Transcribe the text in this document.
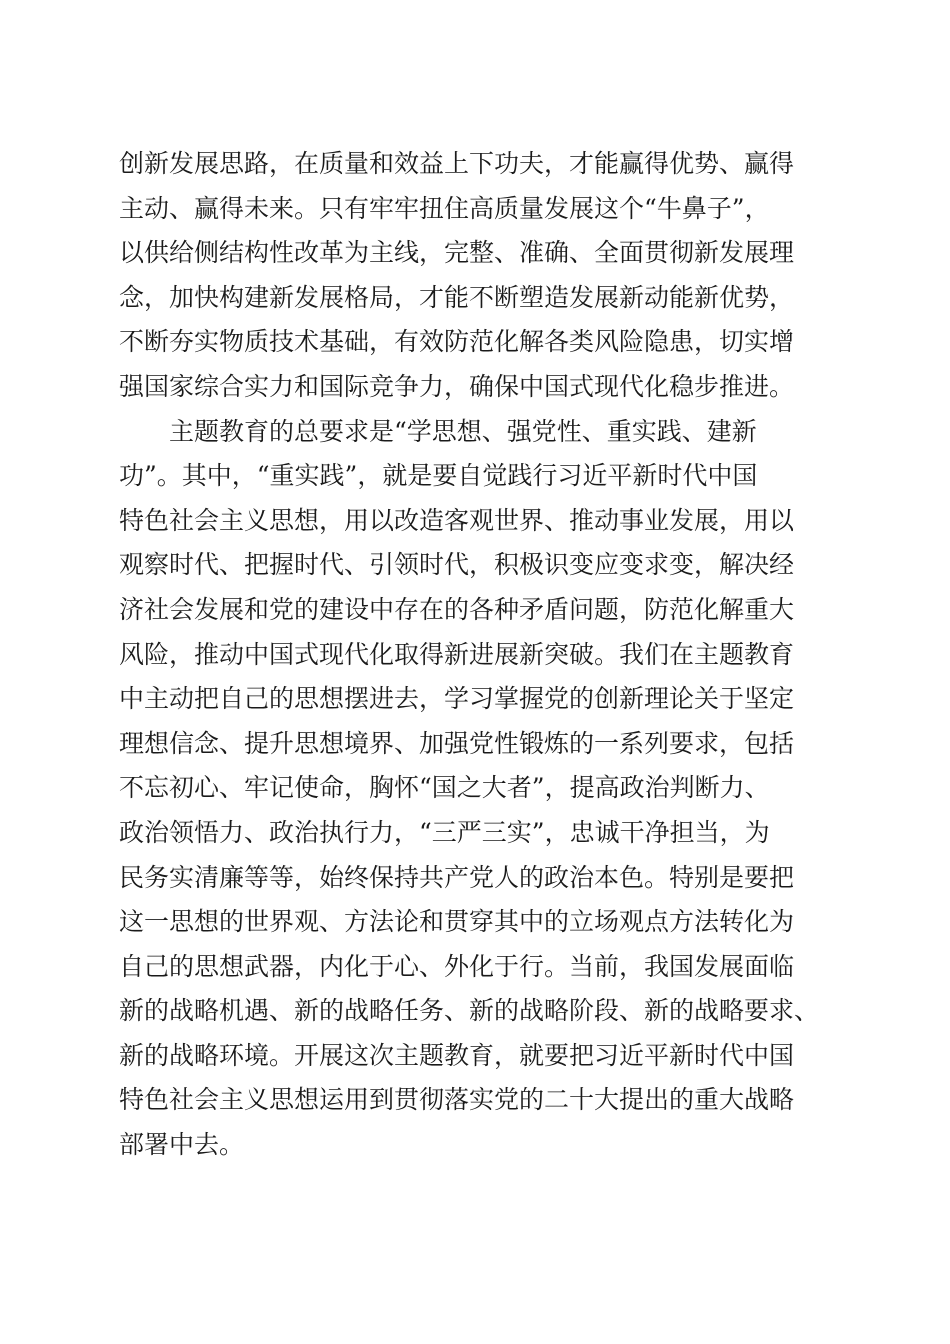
创新发展思路，在质量和效益上下功夫，才能赢得优势、赢得
主动、赢得未来。只有牢牢扭住高质量发展这个“牛鼻子”，
以供给侧结构性改革为主线，完整、准确、全面贯彻新发展理
念，加快构建新发展格局，才能不断塑造发展新动能新优势，
不断夯实物质技术基础，有效防范化解各类风险隐患，切实增
强国家综合实力和国际竞争力，确保中国式现代化稳步推进。
　　主题教育的总要求是“学思想、强党性、重实践、建新
功”。其中，“重实践”，就是要自觉践行习近平新时代中国
特色社会主义思想，用以改造客观世界、推动事业发展，用以
观察时代、把握时代、引领时代，积极识变应变求变，解决经
济社会发展和党的建设中存在的各种矛盾问题，防范化解重大
风险，推动中国式现代化取得新进展新突破。我们在主题教育
中主动把自己的思想摆进去，学习掌握党的创新理论关于坚定
理想信念、提升思想境界、加强党性锻炼的一系列要求，包括
不忘初心、牢记使命，胸怀“国之大者”，提高政治判断力、
政治领悟力、政治执行力，“三严三实”，忠诚干净担当，为
民务实清廉等等，始终保持共产党人的政治本色。特别是要把
这一思想的世界观、方法论和贯穿其中的立场观点方法转化为
自己的思想武器，内化于心、外化于行。当前，我国发展面临
新的战略机遇、新的战略任务、新的战略阶段、新的战略要求、
新的战略环境。开展这次主题教育，就要把习近平新时代中国
特色社会主义思想运用到贯彻落实党的二十大提出的重大战略
部署中去。
